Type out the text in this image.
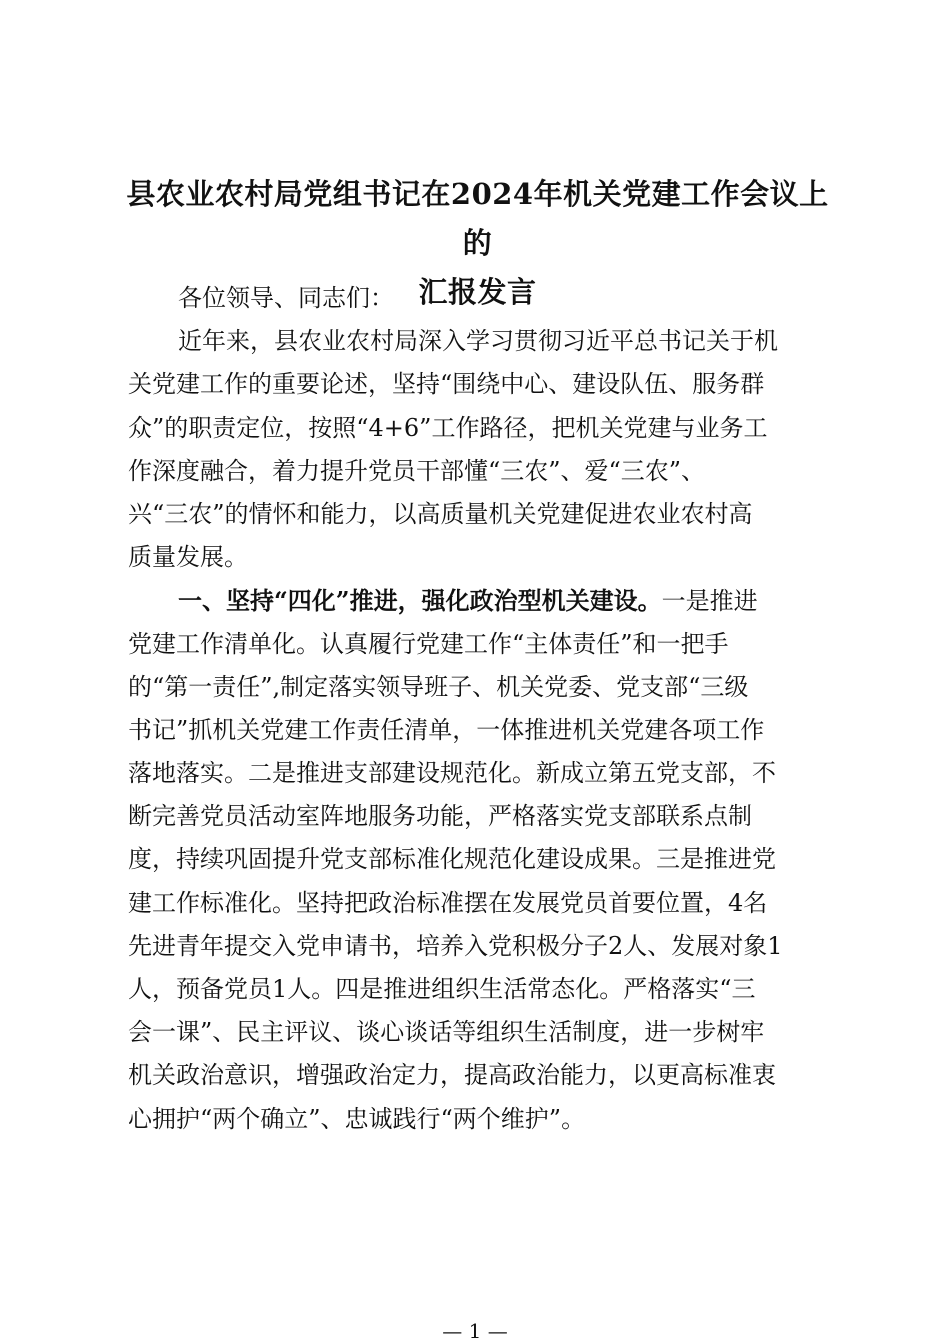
县农业农村局党组书记在2024年机关党建工作会议上的
汇报发言
各位领导、同志们：
近年来，县农业农村局深入学习贯彻习近平总书记关于机
关党建工作的重要论述，坚持“围绕中心、建设队伍、服务群
众”的职责定位，按照“4+6”工作路径，把机关党建与业务工
作深度融合，着力提升党员干部懂“三农”、爱“三农”、
兴“三农”的情怀和能力，以高质量机关党建促进农业农村高
质量发展。
一、坚持“四化”推进，强化政治型机关建设。一是推进
党建工作清单化。认真履行党建工作“主体责任”和一把手
的“第一责任”,制定落实领导班子、机关党委、党支部“三级
书记”抓机关党建工作责任清单，一体推进机关党建各项工作
落地落实。二是推进支部建设规范化。新成立第五党支部，不
断完善党员活动室阵地服务功能，严格落实党支部联系点制
度，持续巩固提升党支部标准化规范化建设成果。三是推进党
建工作标准化。坚持把政治标准摆在发展党员首要位置，4名
先进青年提交入党申请书，培养入党积极分子2人、发展对象1
人，预备党员1人。四是推进组织生活常态化。严格落实“三
会一课”、民主评议、谈心谈话等组织生活制度，进一步树牢
机关政治意识，增强政治定力，提高政治能力，以更高标准衷
心拥护“两个确立”、忠诚践行“两个维护”。
— 1 —
